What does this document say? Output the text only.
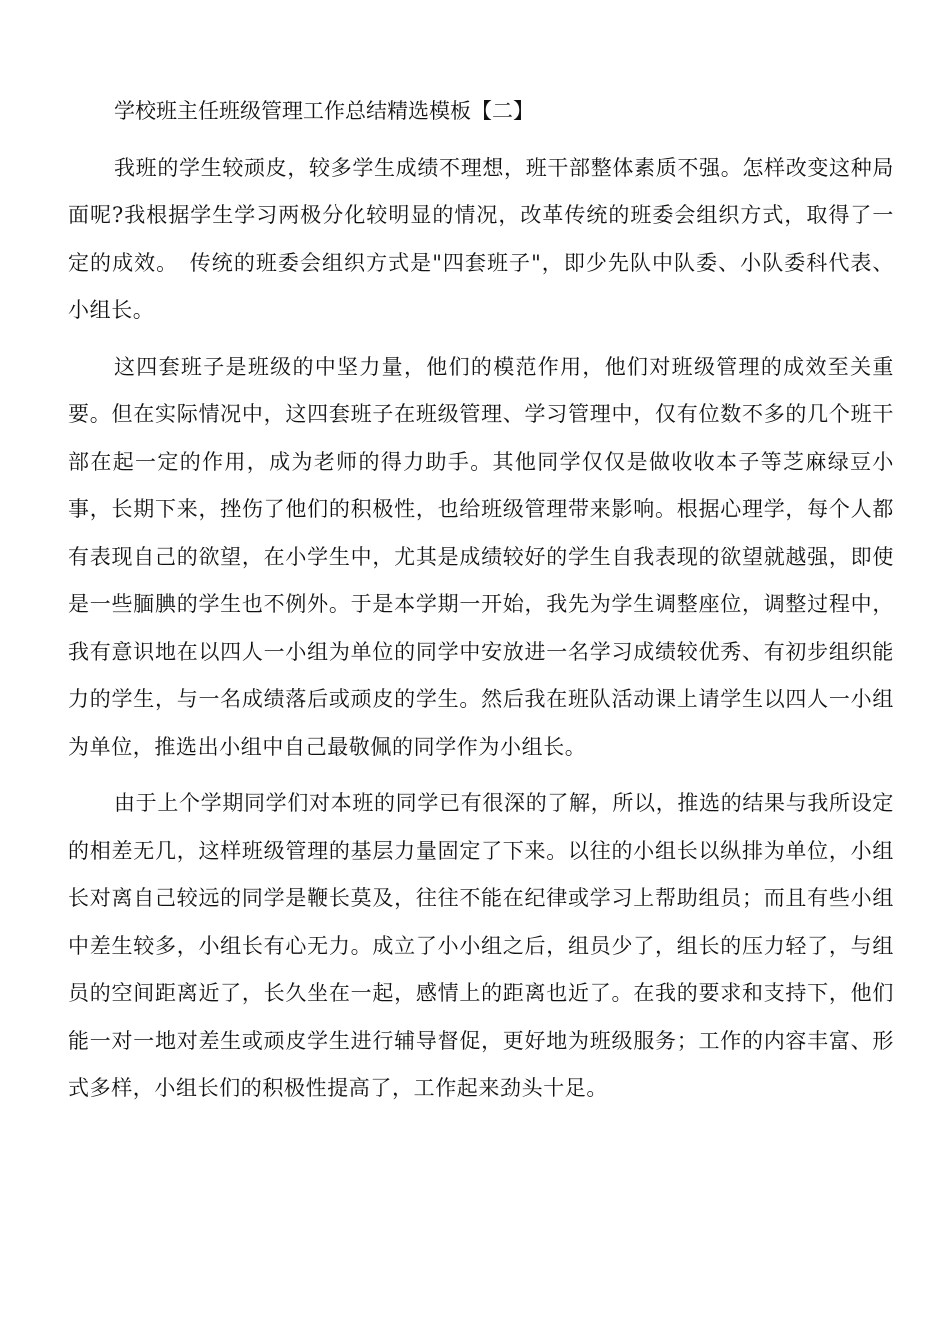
学校班主任班级管理工作总结精选模板【二】

我班的学生较顽皮，较多学生成绩不理想，班干部整体素质不强。怎样改变这种局面呢?我根据学生学习两极分化较明显的情况，改革传统的班委会组织方式，取得了一定的成效。　传统的班委会组织方式是"四套班子"，即少先队中队委、小队委科代表、小组长。

这四套班子是班级的中坚力量，他们的模范作用，他们对班级管理的成效至关重要。但在实际情况中，这四套班子在班级管理、学习管理中，仅有位数不多的几个班干部在起一定的作用，成为老师的得力助手。其他同学仅仅是做收收本子等芝麻绿豆小事，长期下来，挫伤了他们的积极性，也给班级管理带来影响。根据心理学，每个人都有表现自己的欲望，在小学生中，尤其是成绩较好的学生自我表现的欲望就越强，即使是一些腼腆的学生也不例外。于是本学期一开始，我先为学生调整座位，调整过程中，我有意识地在以四人一小组为单位的同学中安放进一名学习成绩较优秀、有初步组织能力的学生，与一名成绩落后或顽皮的学生。然后我在班队活动课上请学生以四人一小组为单位，推选出小组中自己最敬佩的同学作为小组长。

由于上个学期同学们对本班的同学已有很深的了解，所以，推选的结果与我所设定的相差无几，这样班级管理的基层力量固定了下来。以往的小组长以纵排为单位，小组长对离自己较远的同学是鞭长莫及，往往不能在纪律或学习上帮助组员；而且有些小组中差生较多，小组长有心无力。成立了小小组之后，组员少了，组长的压力轻了，与组员的空间距离近了，长久坐在一起，感情上的距离也近了。在我的要求和支持下，他们能一对一地对差生或顽皮学生进行辅导督促，更好地为班级服务；工作的内容丰富、形式多样，小组长们的积极性提高了，工作起来劲头十足。
